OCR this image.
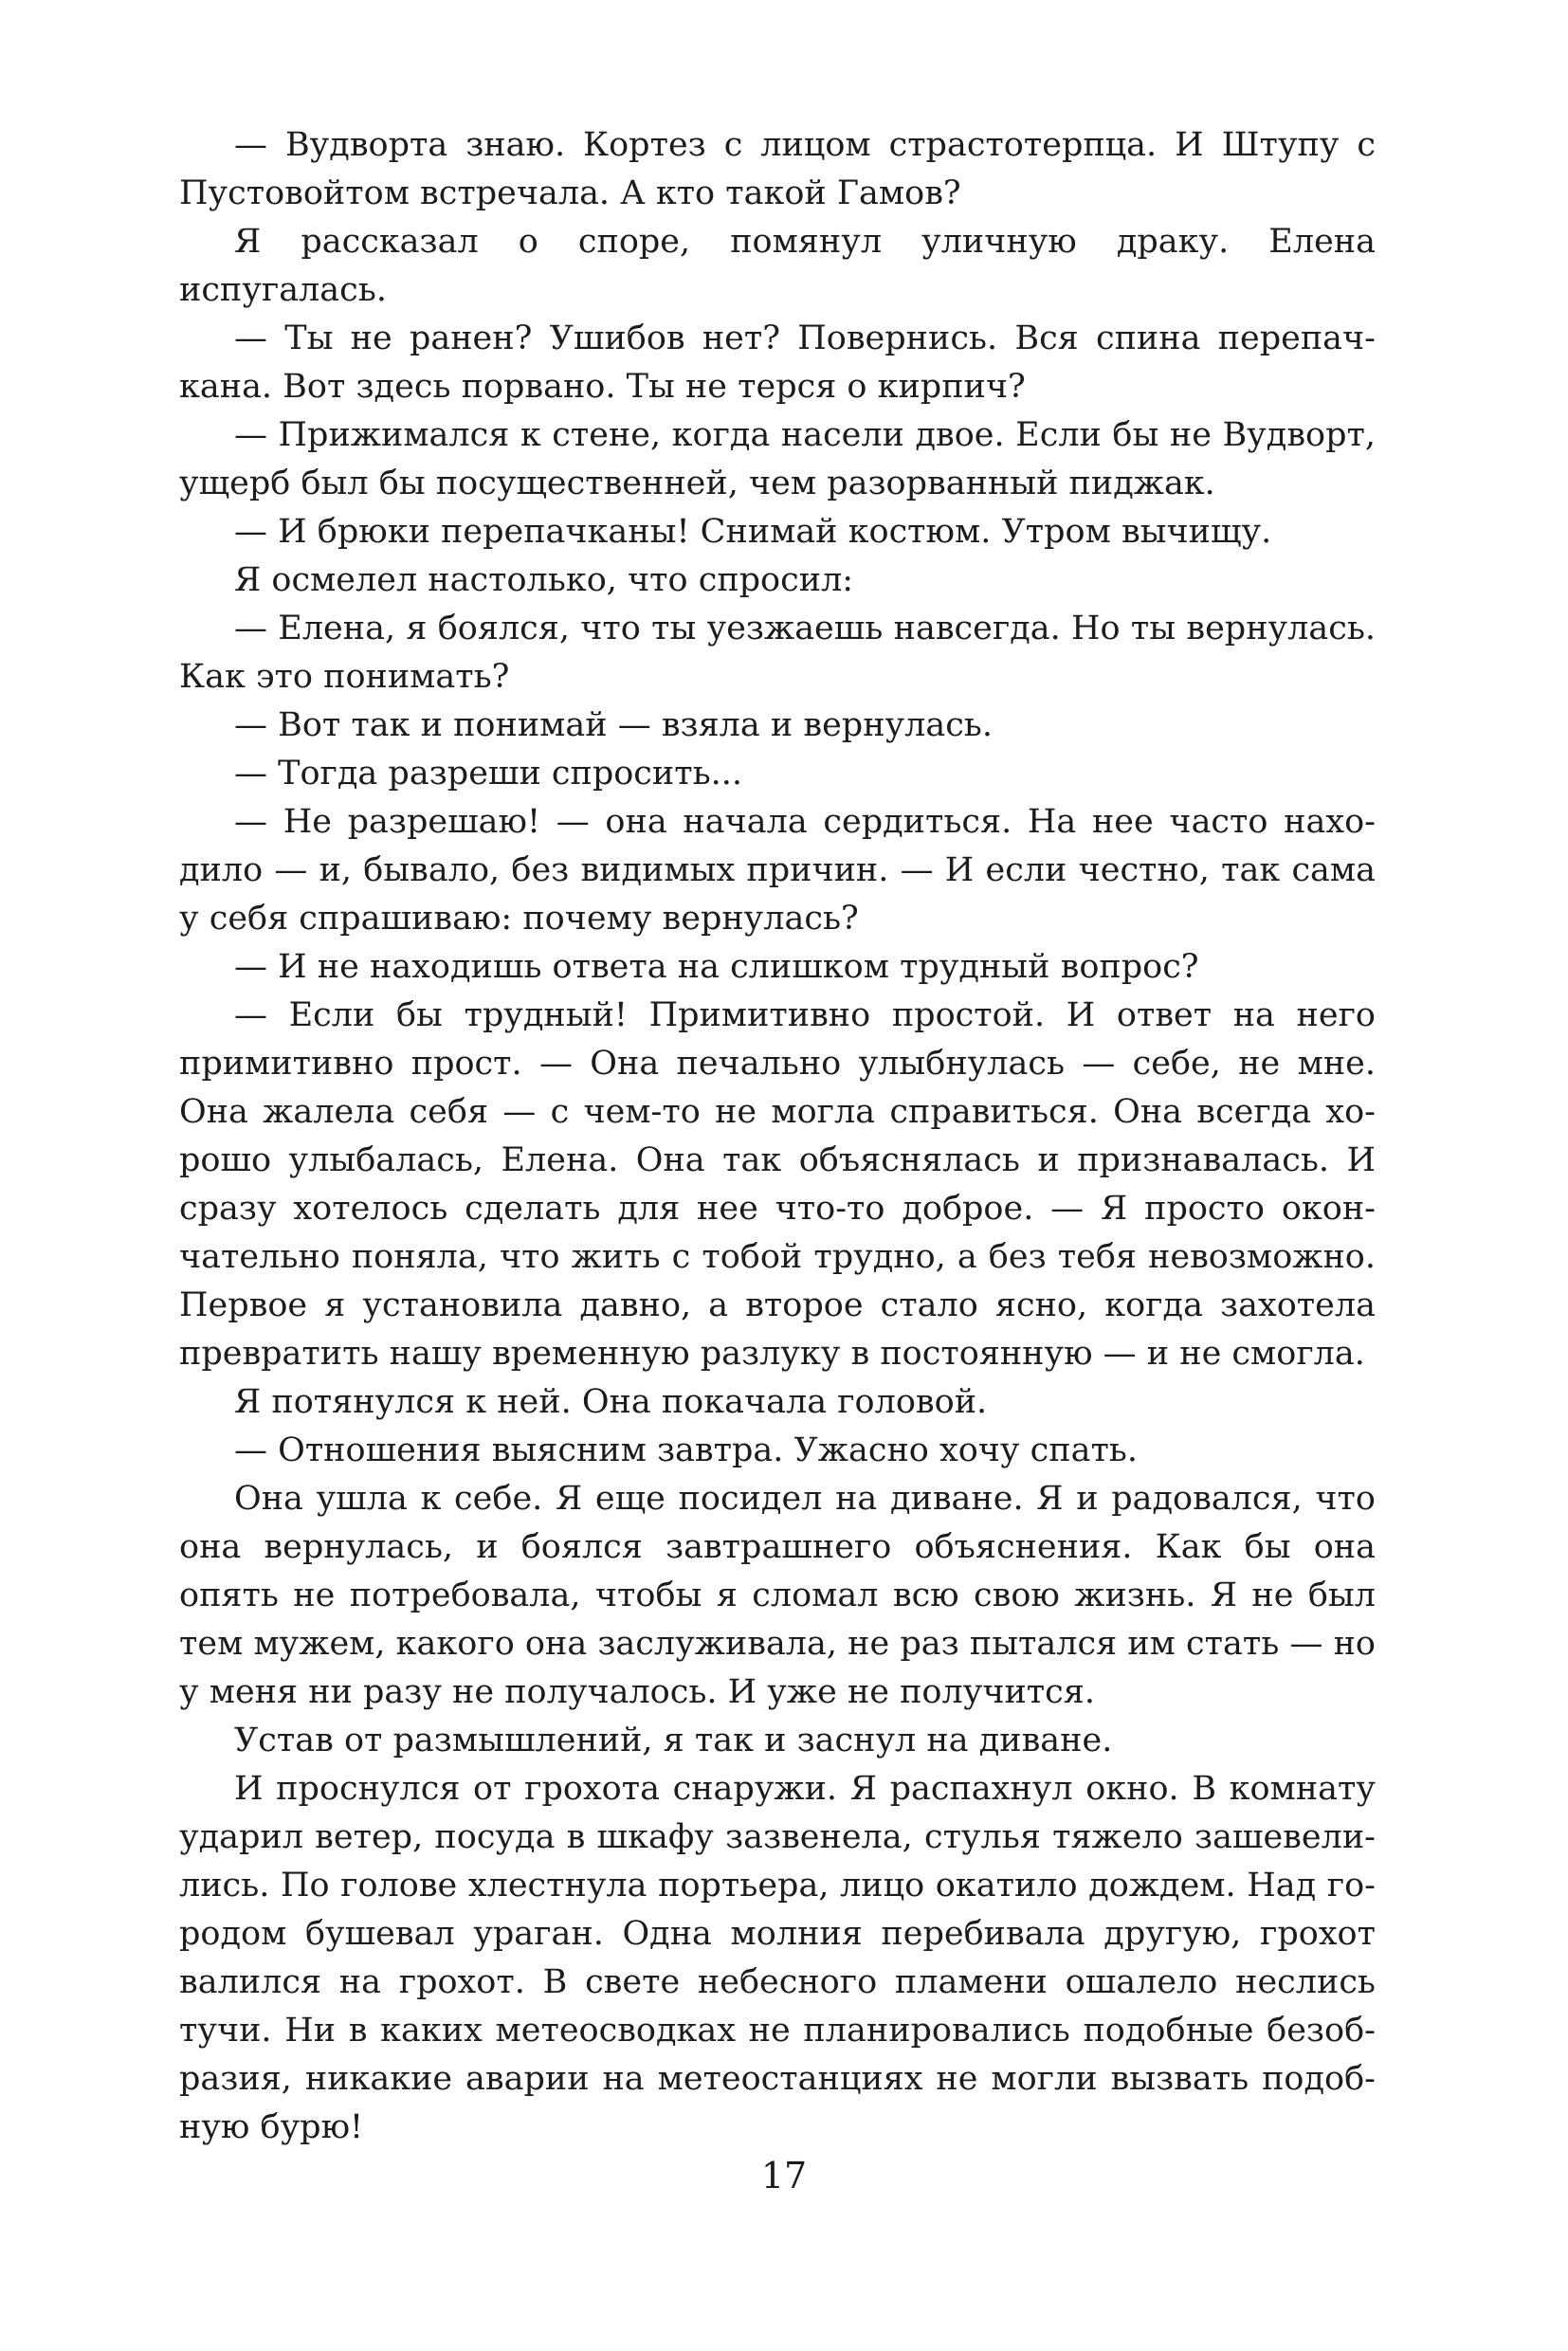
— Вудворта знаю. Кортез с лицом страстотерпца. И Штупу с Пустовойтом встречала. А кто такой Гамов?

Я рассказал о споре, помянул уличную драку. Елена испугалась.

— Ты не ранен? Ушибов нет? Повернись. Вся спина перепачкана. Вот здесь порвано. Ты не терся о кирпич?

— Прижимался к стене, когда насели двое. Если бы не Вудворт, ущерб был бы посущественней, чем разорванный пиджак.

— И брюки перепачканы! Снимай костюм. Утром вычищу.

Я осмелел настолько, что спросил:

— Елена, я боялся, что ты уезжаешь навсегда. Но ты вернулась. Как это понимать?

— Вот так и понимай — взяла и вернулась.

— Тогда разреши спросить...

— Не разрешаю! — она начала сердиться. На нее часто находило — и, бывало, без видимых причин. — И если честно, так сама у себя спрашиваю: почему вернулась?

— И не находишь ответа на слишком трудный вопрос?

— Если бы трудный! Примитивно простой. И ответ на него примитивно прост. — Она печально улыбнулась — себе, не мне. Она жалела себя — с чем-то не могла справиться. Она всегда хорошо улыбалась, Елена. Она так объяснялась и признавалась. И сразу хотелось сделать для нее что-то доброе. — Я просто окончательно поняла, что жить с тобой трудно, а без тебя невозможно. Первое я установила давно, а второе стало ясно, когда захотела превратить нашу временную разлуку в постоянную — и не смогла.

Я потянулся к ней. Она покачала головой.

— Отношения выясним завтра. Ужасно хочу спать.

Она ушла к себе. Я еще посидел на диване. Я и радовался, что она вернулась, и боялся завтрашнего объяснения. Как бы она опять не потребовала, чтобы я сломал всю свою жизнь. Я не был тем мужем, какого она заслуживала, не раз пытался им стать — но у меня ни разу не получалось. И уже не получится.

Устав от размышлений, я так и заснул на диване.

И проснулся от грохота снаружи. Я распахнул окно. В комнату ударил ветер, посуда в шкафу зазвенела, стулья тяжело зашевелились. По голове хлестнула портьера, лицо окатило дождем. Над городом бушевал ураган. Одна молния перебивала другую, грохот валился на грохот. В свете небесного пламени ошалело неслись тучи. Ни в каких метеосводках не планировались подобные безобразия, никакие аварии на метеостанциях не могли вызвать подобную бурю!

17
